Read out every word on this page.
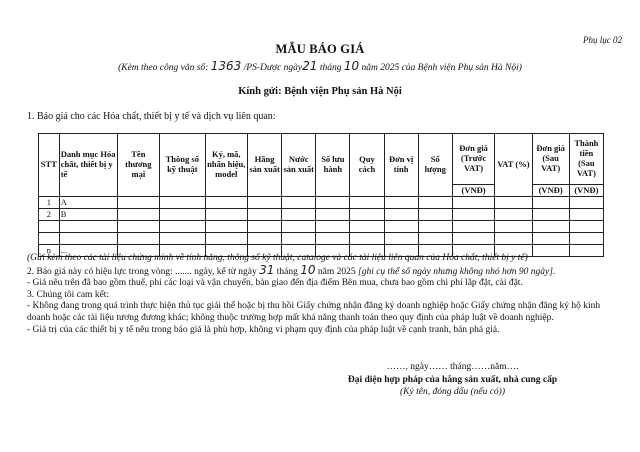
Phụ lục 02
MẪU BÁO GIÁ
(Kèm theo công văn số: 1363 /PS-Dược ngày21 tháng 10 năm 2025 của Bệnh viện Phụ sản Hà Nội)
Kính gửi: Bệnh viện Phụ sản Hà Nội
1. Báo giá cho các Hóa chất, thiết bị y tế và dịch vụ liên quan:
STT	Danh mục Hóa chất, thiết bị y tế	Tên thương mại	Thông số kỹ thuật	Ký, mã, nhãn hiệu, model	Hãng sản xuất	Nước sản xuất	Số lưu hành	Quy cách	Đơn vị tính	Số lượng	Đơn giá (Trước VAT)	VAT (%)	Đơn giá (Sau VAT)	Thành tiền (Sau VAT)
											(VNĐ)		(VNĐ)	(VNĐ)
1	A													
2	B													

n	...													

(Gửi kèm theo các tài liệu chứng minh về tính năng, thông số kỹ thuật, cataloge và các tài liệu liên quan của Hóa chất, thiết bị y tế)

2. Báo giá này có hiệu lực trong vòng: ....... ngày, kể từ ngày 31 tháng 10 năm 2025 [ghi cụ thể số ngày nhưng không nhỏ hơn 90 ngày].

- Giá nêu trên đã bao gồm thuế, phí các loại và vận chuyển, bàn giao đến địa điểm Bên mua, chưa bao gồm chi phí lắp đặt, cài đặt.

3. Chúng tôi cam kết:

- Không đang trong quá trình thực hiện thủ tục giải thể hoặc bị thu hồi Giấy chứng nhận đăng ký doanh nghiệp hoặc Giấy chứng nhận đăng ký hộ kinh doanh hoặc các tài liệu tương đương khác; không thuộc trường hợp mất khả năng thanh toán theo quy định của pháp luật về doanh nghiệp.

- Giá trị của các thiết bị y tế nêu trong báo giá là phù hợp, không vi phạm quy định của pháp luật về cạnh tranh, bán phá giá.

……, ngày…… tháng……năm….
Đại diện hợp pháp của hãng sản xuất, nhà cung cấp
(Ký tên, đóng dấu (nếu có))
